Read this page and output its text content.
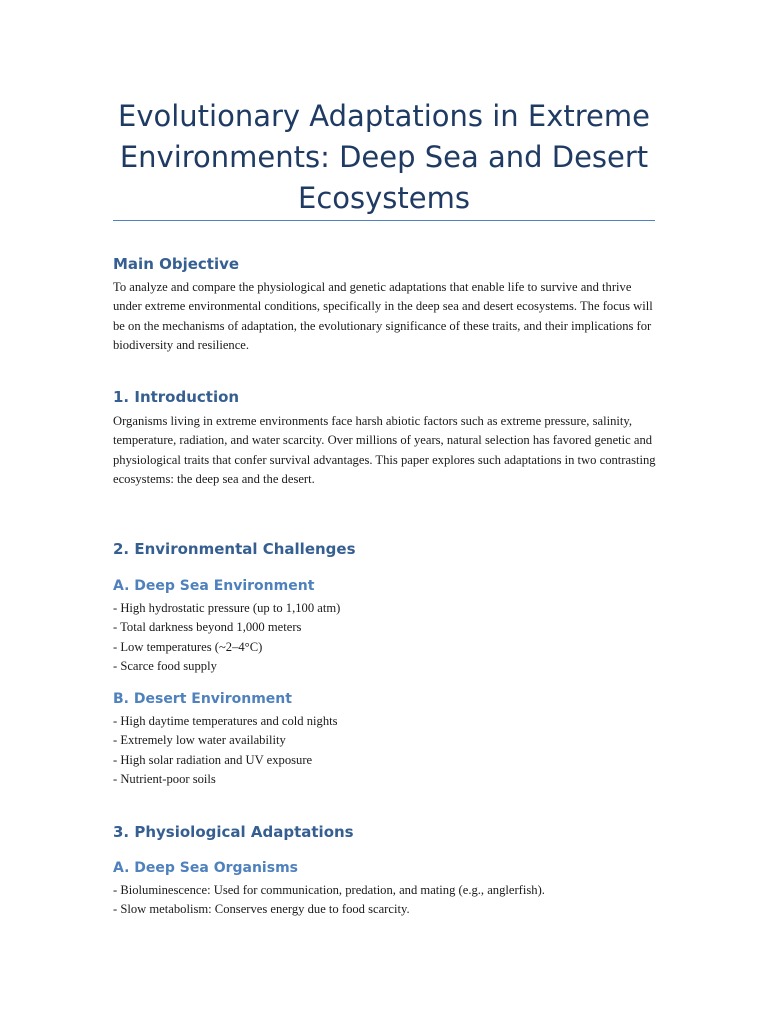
Evolutionary Adaptations in Extreme Environments: Deep Sea and Desert Ecosystems
Main Objective

To analyze and compare the physiological and genetic adaptations that enable life to survive and thrive under extreme environmental conditions, specifically in the deep sea and desert ecosystems. The focus will be on the mechanisms of adaptation, the evolutionary significance of these traits, and their implications for biodiversity and resilience.

1. Introduction

Organisms living in extreme environments face harsh abiotic factors such as extreme pressure, salinity, temperature, radiation, and water scarcity. Over millions of years, natural selection has favored genetic and physiological traits that confer survival advantages. This paper explores such adaptations in two contrasting ecosystems: the deep sea and the desert.

2. Environmental Challenges
A. Deep Sea Environment
- High hydrostatic pressure (up to 1,100 atm)
- Total darkness beyond 1,000 meters
- Low temperatures (~2–4°C)
- Scarce food supply
B. Desert Environment
- High daytime temperatures and cold nights
- Extremely low water availability
- High solar radiation and UV exposure
- Nutrient-poor soils
3. Physiological Adaptations
A. Deep Sea Organisms
- Bioluminescence: Used for communication, predation, and mating (e.g., anglerfish).
- Slow metabolism: Conserves energy due to food scarcity.
